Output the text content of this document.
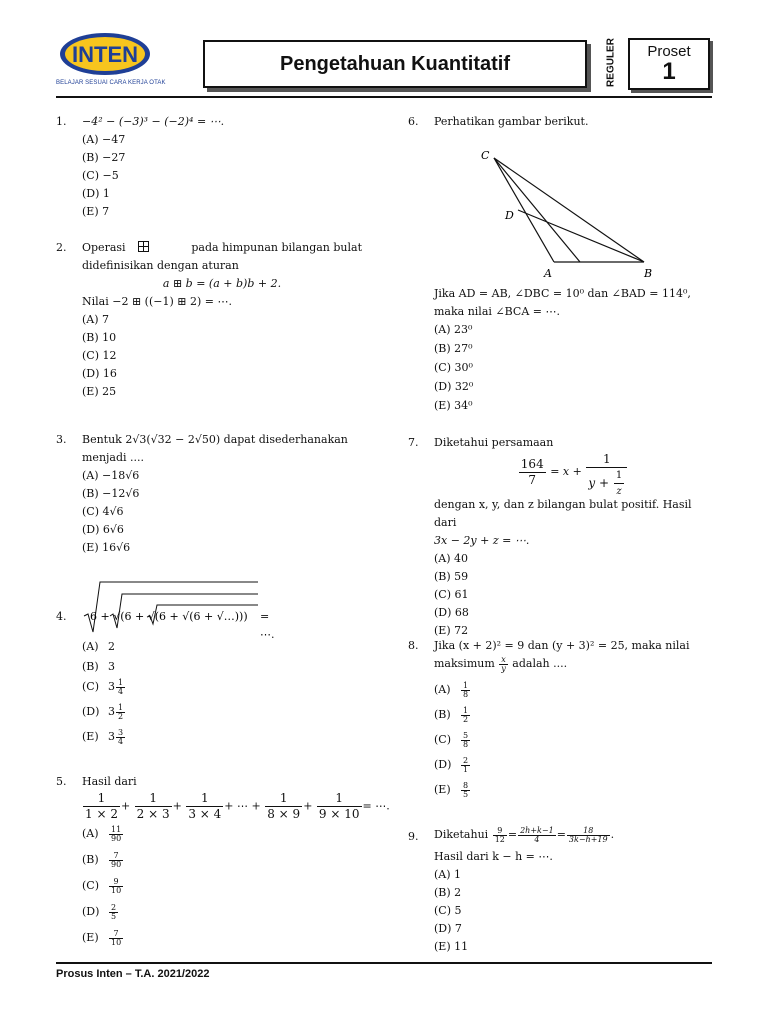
INTEN
BELAJAR SESUAI CARA KERJA OTAK
Pengetahuan Kuantitatif	REGULER	Proset
1
1. −4² − (−3)³ − (−2)⁴ = ⋯.
(A) −47
(B) −27
(C) −5
(D) 1
(E) 7
2. Operasi	pada himpunan bilangan bulat
didefinisikan dengan aturan
a ⊞ b = (a + b)b + 2.
Nilai −2 ⊞ ((−1) ⊞ 2) = ⋯.
(A) 7
(B) 10
(C) 12
(D) 16
(E) 25
3. Bentuk 2√3(√32 − 2√50) dapat disederhanakan
menjadi ....
(A) −18√6
(B) −12√6
(C) 4√6
(D) 6√6
(E) 16√6
4. 6 + √(6 + √(6 + √(6 + √…))) = ⋯.
(A) 2
(B) 3
(C) $3 \frac{1}{4}$
(D) $3 \frac{1}{2}$
(E) $3 \frac{3}{4}$
5. Hasil dari
$\frac{1}{1 \times 2} + \frac{1}{2 \times 3} + \frac{1}{3 \times 4}$ + ⋯ + $\frac{1}{8 \times 9} + \frac{1}{9 \times 10}$ = ⋯.
$(A) \frac{11}{90}$
$(B) \frac{7}{90}$
$(C) \frac{9}{10}$
$(D) \frac{2}{5}$
$(E) \frac{7}{10}$
6. Perhatikan gambar berikut.
C
D
A	B
Jika AD = AB, ∠DBC = 10⁰ dan ∠BAD = 114⁰,
maka nilai ∠BCA = ⋯.
(A) 23⁰
(B) 27⁰
(C) 30⁰
(D) 32⁰
(E) 34⁰
7. Diketahui persamaan
$\frac{164}{7} = x + \frac{1}{y + \frac{1}{z}}$
dengan x, y, dan z bilangan bulat positif. Hasil dari
3x − 2y + z = ⋯.
(A) 40
(B) 59
(C) 61
(D) 68
(E) 72
8. Jika (x + 2)² = 9 dan (y + 3)² = 25, maka nilai
maksimum $\frac{x}{y}$ adalah ....
$(A) \frac{1}{8}$
$(B) \frac{1}{2}$
$(C) \frac{5}{8}$
$(D) \frac{2}{1}$
$(E) \frac{8}{5}$
9. Diketahui $\frac{9}{12} = \frac{2h+k-1}{4} = \frac{18}{3k-h+19}$ .
Hasil dari k − h = ⋯.
(A) 1
(B) 2
(C) 5
(D) 7
(E) 11
Prosus Inten – T.A. 2021/2022
